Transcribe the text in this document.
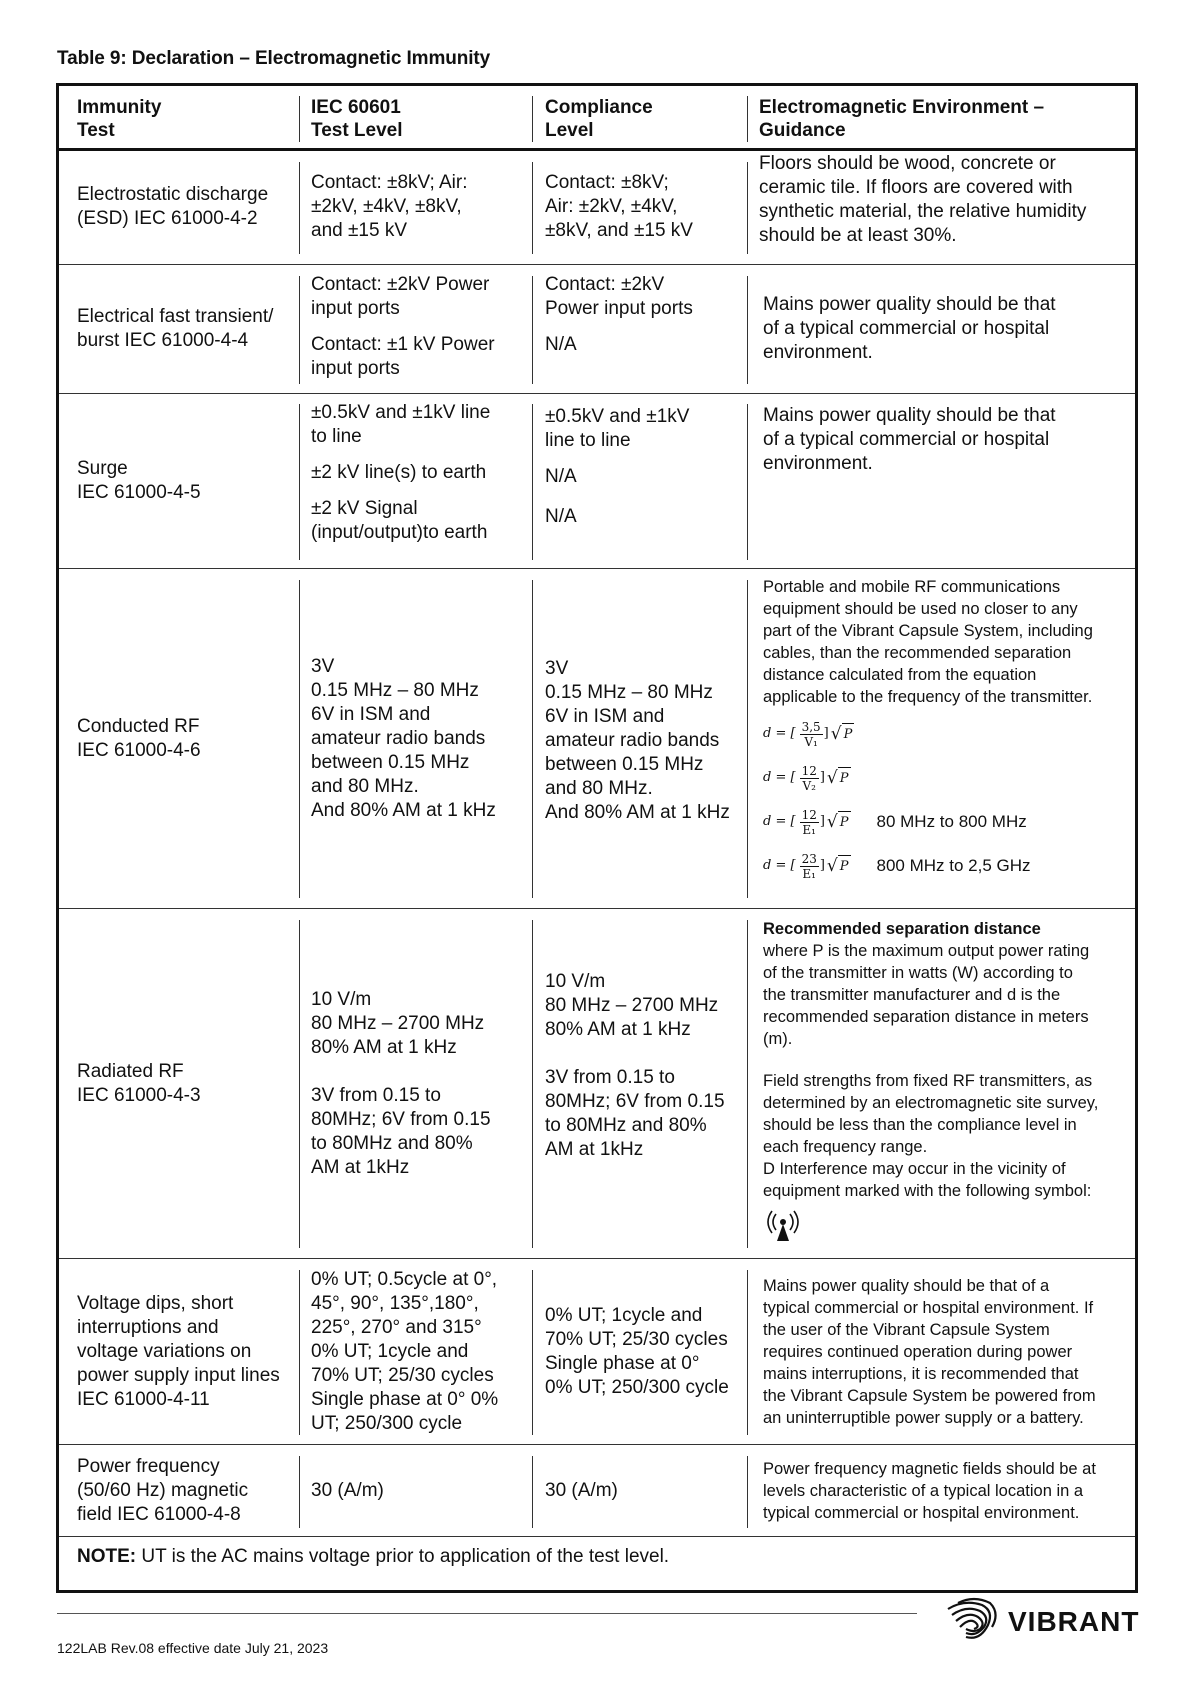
Table 9: Declaration – Electromagnetic Immunity
Immunity
Test
IEC 60601
Test Level
Compliance
Level
Electromagnetic Environment –
Guidance
Electrostatic discharge
(ESD) IEC 61000-4-2
Contact: ±8kV; Air:
±2kV, ±4kV, ±8kV,
and ±15 kV
Contact: ±8kV;
Air: ±2kV, ±4kV,
±8kV, and ±15 kV
Floors should be wood, concrete or
ceramic tile. If floors are covered with
synthetic material, the relative humidity
should be at least 30%.
Electrical fast transient/
burst IEC 61000-4-4
Contact: ±2kV Power
input ports
Contact: ±1 kV Power
input ports
Contact: ±2kV
Power input ports
N/A
Mains power quality should be that
of a typical commercial or hospital
environment.
Surge
IEC 61000-4-5
±0.5kV and ±1kV line
to line
±2 kV line(s) to earth
±2 kV Signal
(input/output)to earth
±0.5kV and ±1kV
line to line
N/A
N/A
Mains power quality should be that
of a typical commercial or hospital
environment.
Conducted RF
IEC 61000-4-6
3V
0.15 MHz – 80 MHz
6V in ISM and
amateur radio bands
between 0.15 MHz
and 80 MHz.
And 80% AM at 1 kHz
3V
0.15 MHz – 80 MHz
6V in ISM and
amateur radio bands
between 0.15 MHz
and 80 MHz.
And 80% AM at 1 kHz
Portable and mobile RF communications
equipment should be used no closer to any
part of the Vibrant Capsule System, including
cables, than the recommended separation
distance calculated from the equation
applicable to the frequency of the transmitter.
d = [ $\frac{3,5}{\text{V₁}}$ ] √ P
d = [ $\frac{12}{\text{V₂}}$ ] √ P
d = [ $\frac{12}{\text{E₁}}$ ] √ P 80 MHz to 800 MHz
d = [ $\frac{23}{\text{E₁}}$ ] √ P 800 MHz to 2,5 GHz
Radiated RF
IEC 61000-4-3
10 V/m
80 MHz – 2700 MHz
80% AM at 1 kHz
3V from 0.15 to
80MHz; 6V from 0.15
to 80MHz and 80%
AM at 1kHz
10 V/m
80 MHz – 2700 MHz
80% AM at 1 kHz
3V from 0.15 to
80MHz; 6V from 0.15
to 80MHz and 80%
AM at 1kHz
Recommended separation distance
where P is the maximum output power rating
of the transmitter in watts (W) according to
the transmitter manufacturer and d is the
recommended separation distance in meters
(m).
Field strengths from fixed RF transmitters, as
determined by an electromagnetic site survey,
should be less than the compliance level in
each frequency range.
D Interference may occur in the vicinity of
equipment marked with the following symbol:
Voltage dips, short
interruptions and
voltage variations on
power supply input lines
IEC 61000-4-11
0% UT; 0.5cycle at 0°,
45°, 90°, 135°,180°,
225°, 270° and 315°
0% UT; 1cycle and
70% UT; 25/30 cycles
Single phase at 0° 0%
UT; 250/300 cycle
0% UT; 1cycle and
70% UT; 25/30 cycles
Single phase at 0°
0% UT; 250/300 cycle
Mains power quality should be that of a
typical commercial or hospital environment. If
the user of the Vibrant Capsule System
requires continued operation during power
mains interruptions, it is recommended that
the Vibrant Capsule System be powered from
an uninterruptible power supply or a battery.
Power frequency
(50/60 Hz) magnetic
field IEC 61000-4-8
30 (A/m)	30 (A/m)
Power frequency magnetic fields should be at
levels characteristic of a typical location in a
typical commercial or hospital environment.
NOTE: UT is the AC mains voltage prior to application of the test level.
122LAB Rev.08 effective date July 21, 2023
VIBRANT
